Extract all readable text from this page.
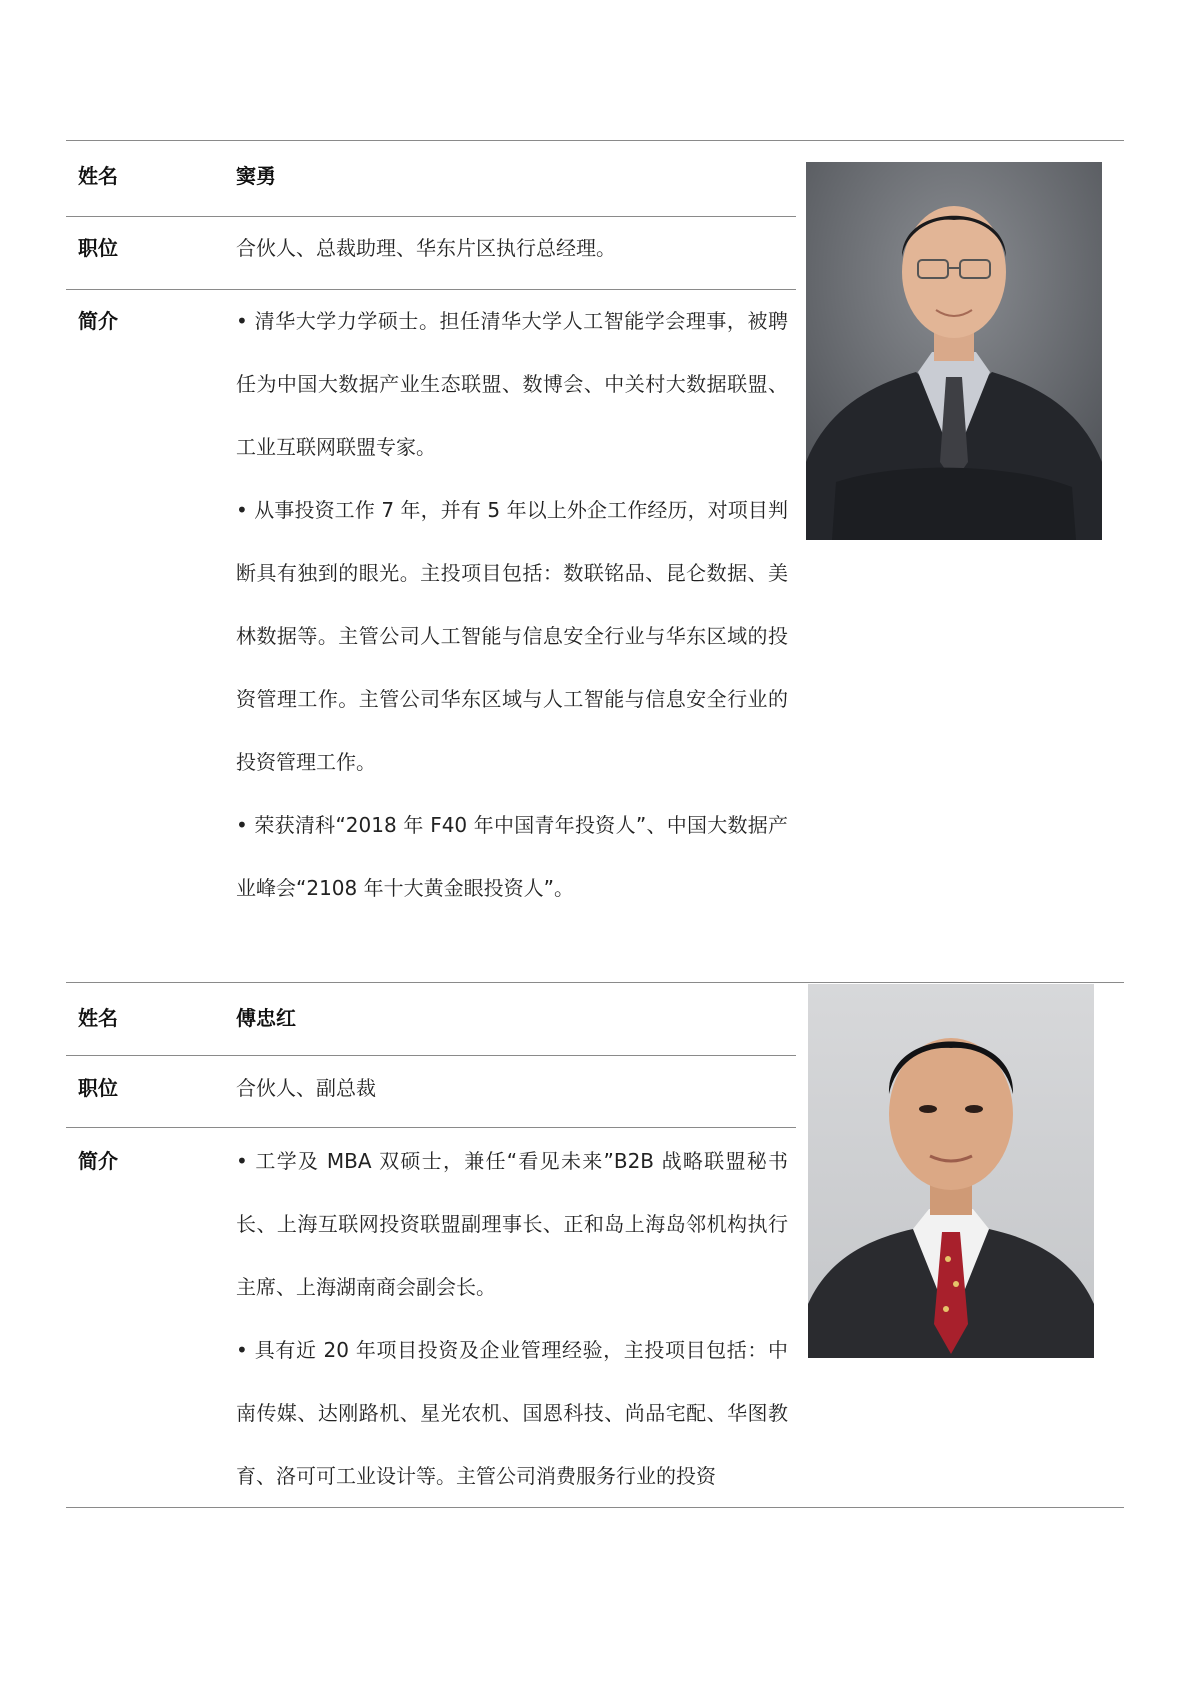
姓名	窦勇
职位	合伙人、总裁助理、华东片区执行总经理。
简介	• 清华大学力学硕士。担任清华大学人工智能学会理事，被聘任为中国大数据产业生态联盟、数博会、中关村大数据联盟、工业互联网联盟专家。

• 从事投资工作 7 年，并有 5 年以上外企工作经历，对项目判断具有独到的眼光。主投项目包括：数联铭品、昆仑数据、美林数据等。主管公司人工智能与信息安全行业与华东区域的投资管理工作。主管公司华东区域与人工智能与信息安全行业的投资管理工作。

• 荣获清科“2018 年 F40 年中国青年投资人”、中国大数据产业峰会“2108 年十大黄金眼投资人”。

姓名	傅忠红
职位	合伙人、副总裁
简介	• 工学及 MBA 双硕士，兼任“看见未来”B2B 战略联盟秘书长、上海互联网投资联盟副理事长、正和岛上海岛邻机构执行主席、上海湖南商会副会长。

• 具有近 20 年项目投资及企业管理经验，主投项目包括：中南传媒、达刚路机、星光农机、国恩科技、尚品宅配、华图教育、洛可可工业设计等。主管公司消费服务行业的投资
